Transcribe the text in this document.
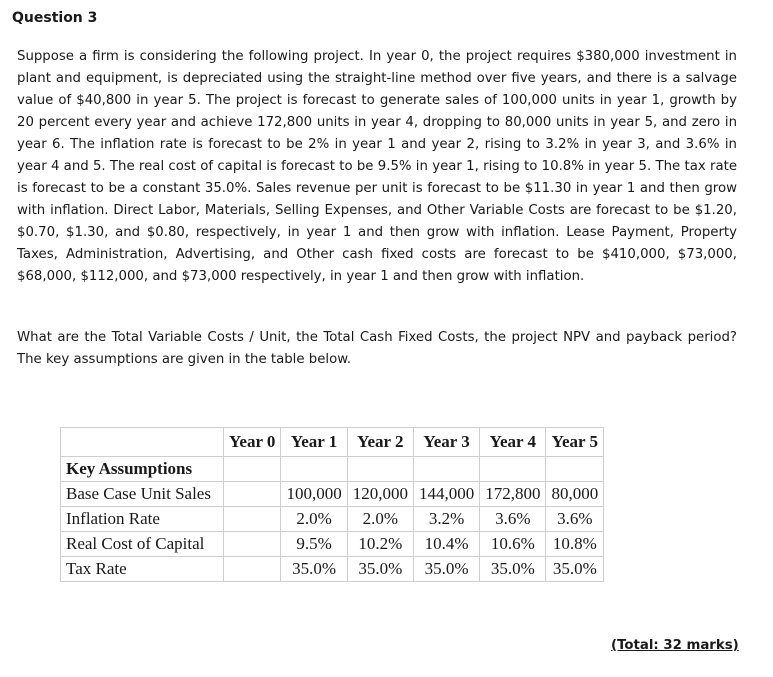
Question 3
Suppose a firm is considering the following project. In year 0, the project requires $380,000 investment in plant and equipment, is depreciated using the straight-line method over five years, and there is a salvage value of $40,800 in year 5. The project is forecast to generate sales of 100,000 units in year 1, growth by 20 percent every year and achieve 172,800 units in year 4, dropping to 80,000 units in year 5, and zero in year 6. The inflation rate is forecast to be 2% in year 1 and year 2, rising to 3.2% in year 3, and 3.6% in year 4 and 5. The real cost of capital is forecast to be 9.5% in year 1, rising to 10.8% in year 5. The tax rate is forecast to be a constant 35.0%. Sales revenue per unit is forecast to be $11.30 in year 1 and then grow with inflation. Direct Labor, Materials, Selling Expenses, and Other Variable Costs are forecast to be $1.20, $0.70, $1.30, and $0.80, respectively, in year 1 and then grow with inflation. Lease Payment, Property Taxes, Administration, Advertising, and Other cash fixed costs are forecast to be $410,000, $73,000, $68,000, $112,000, and $73,000 respectively, in year 1 and then grow with inflation.
What are the Total Variable Costs / Unit, the Total Cash Fixed Costs, the project NPV and payback period? The key assumptions are given in the table below.
	Year 0	Year 1	Year 2	Year 3	Year 4	Year 5
Key Assumptions						
Base Case Unit Sales		100,000	120,000	144,000	172,800	80,000
Inflation Rate		2.0%	2.0%	3.2%	3.6%	3.6%
Real Cost of Capital		9.5%	10.2%	10.4%	10.6%	10.8%
Tax Rate		35.0%	35.0%	35.0%	35.0%	35.0%
(Total: 32 marks)
